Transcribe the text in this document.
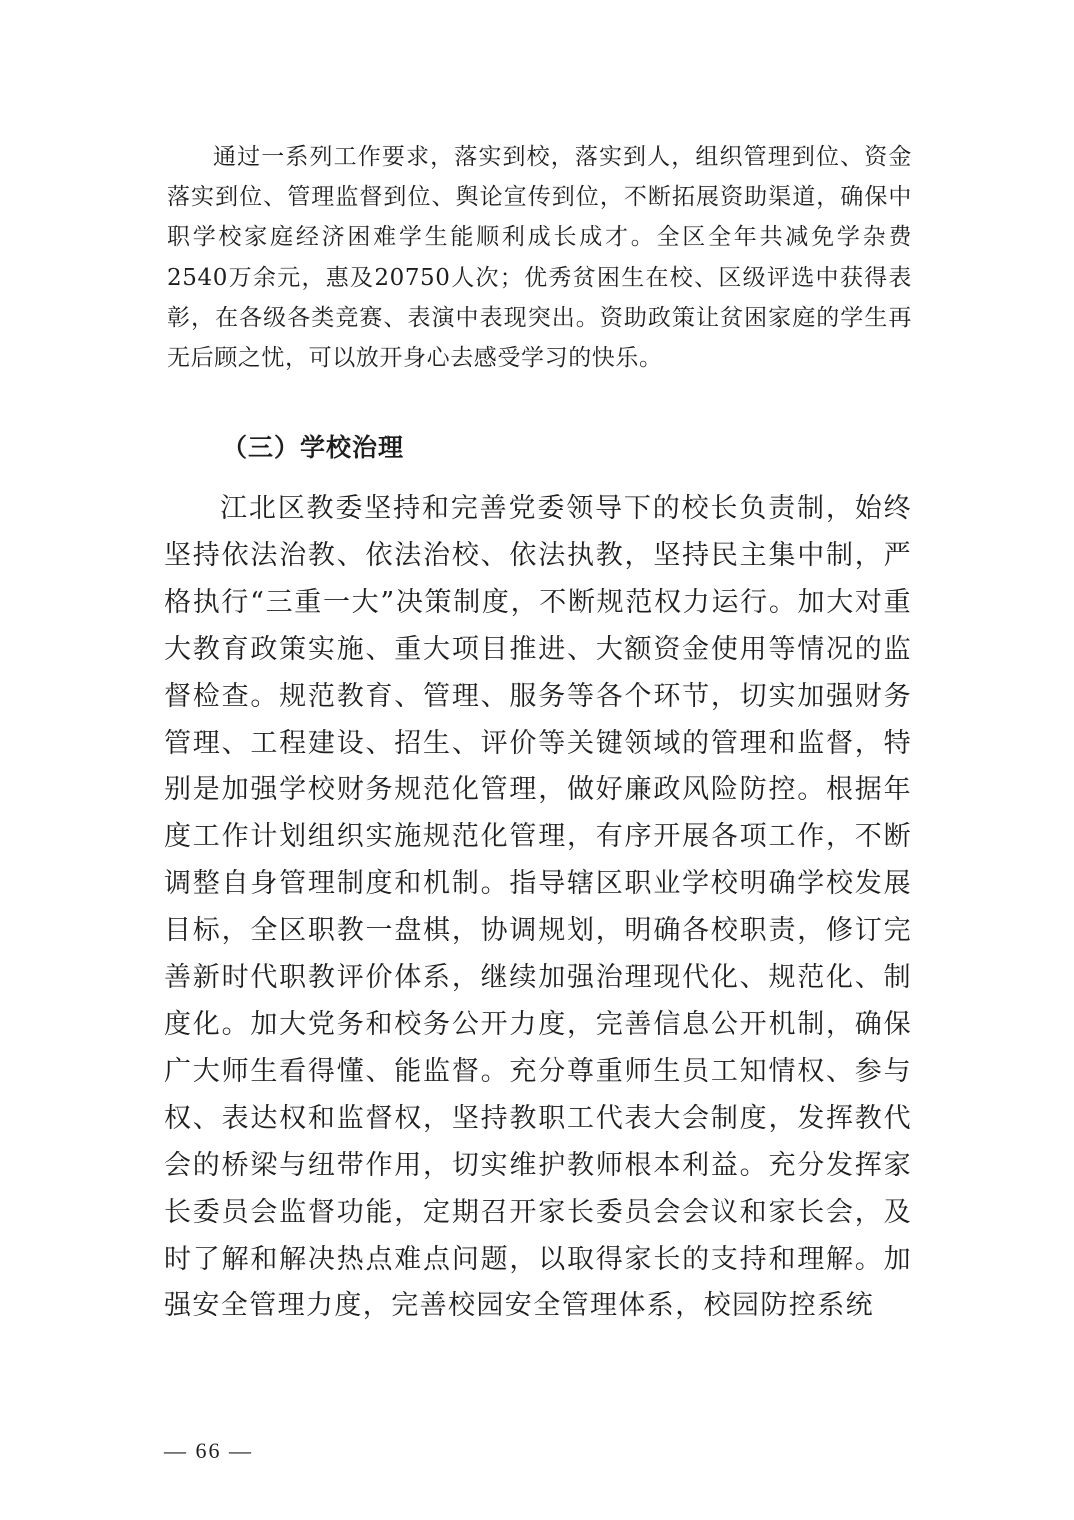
通过一系列工作要求，落实到校，落实到人，组织管理到位、资金落实到位、管理监督到位、舆论宣传到位，不断拓展资助渠道，确保中职学校家庭经济困难学生能顺利成长成才。全区全年共减免学杂费2540万余元，惠及20750人次；优秀贫困生在校、区级评选中获得表彰，在各级各类竞赛、表演中表现突出。资助政策让贫困家庭的学生再无后顾之忧，可以放开身心去感受学习的快乐。

（三）学校治理

江北区教委坚持和完善党委领导下的校长负责制，始终坚持依法治教、依法治校、依法执教，坚持民主集中制，严格执行“三重一大”决策制度，不断规范权力运行。加大对重大教育政策实施、重大项目推进、大额资金使用等情况的监督检查。规范教育、管理、服务等各个环节，切实加强财务管理、工程建设、招生、评价等关键领域的管理和监督，特别是加强学校财务规范化管理，做好廉政风险防控。根据年度工作计划组织实施规范化管理，有序开展各项工作，不断调整自身管理制度和机制。指导辖区职业学校明确学校发展目标，全区职教一盘棋，协调规划，明确各校职责，修订完善新时代职教评价体系，继续加强治理现代化、规范化、制度化。加大党务和校务公开力度，完善信息公开机制，确保广大师生看得懂、能监督。充分尊重师生员工知情权、参与权、表达权和监督权，坚持教职工代表大会制度，发挥教代会的桥梁与纽带作用，切实维护教师根本利益。充分发挥家长委员会监督功能，定期召开家长委员会会议和家长会，及时了解和解决热点难点问题，以取得家长的支持和理解。加强安全管理力度，完善校园安全管理体系，校园防控系统

— 66 —
